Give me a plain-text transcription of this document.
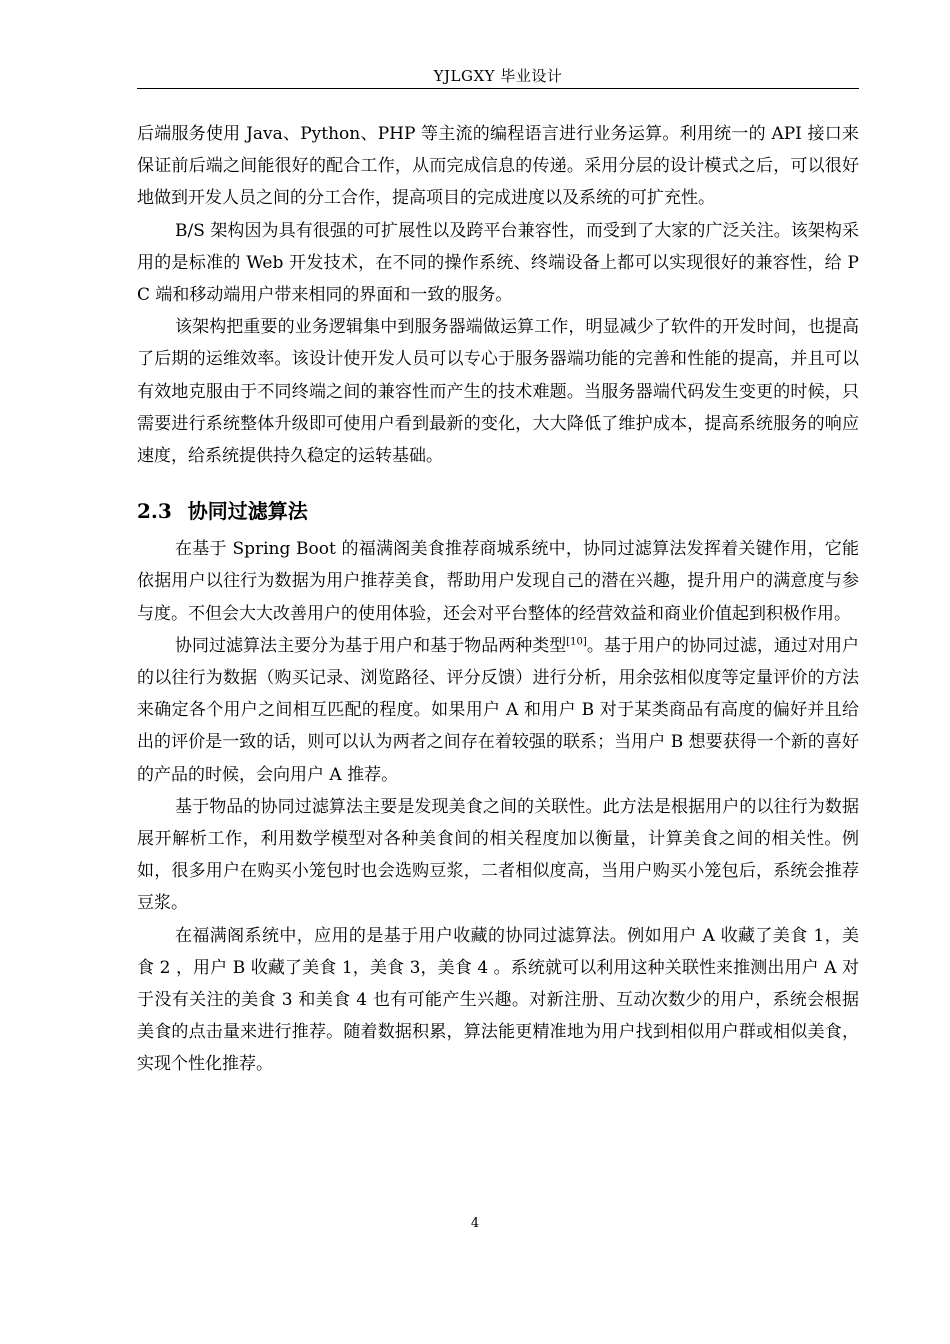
YJLGXY 毕业设计

后端服务使用 Java、Python、PHP 等主流的编程语言进行业务运算。利用统一的 API 接口来保证前后端之间能很好的配合工作，从而完成信息的传递。采用分层的设计模式之后，可以很好地做到开发人员之间的分工合作，提高项目的完成进度以及系统的可扩充性。

B/S 架构因为具有很强的可扩展性以及跨平台兼容性，而受到了大家的广泛关注。该架构采用的是标准的 Web 开发技术，在不同的操作系统、终端设备上都可以实现很好的兼容性，给 PC 端和移动端用户带来相同的界面和一致的服务。

该架构把重要的业务逻辑集中到服务器端做运算工作，明显减少了软件的开发时间，也提高了后期的运维效率。该设计使开发人员可以专心于服务器端功能的完善和性能的提高，并且可以有效地克服由于不同终端之间的兼容性而产生的技术难题。当服务器端代码发生变更的时候，只需要进行系统整体升级即可使用户看到最新的变化，大大降低了维护成本，提高系统服务的响应速度，给系统提供持久稳定的运转基础。

2.3 协同过滤算法

在基于 Spring Boot 的福满阁美食推荐商城系统中，协同过滤算法发挥着关键作用，它能依据用户以往行为数据为用户推荐美食，帮助用户发现自己的潜在兴趣，提升用户的满意度与参与度。不但会大大改善用户的使用体验，还会对平台整体的经营效益和商业价值起到积极作用。

协同过滤算法主要分为基于用户和基于物品两种类型[10]。基于用户的协同过滤，通过对用户的以往行为数据（购买记录、浏览路径、评分反馈）进行分析，用余弦相似度等定量评价的方法来确定各个用户之间相互匹配的程度。如果用户 A 和用户 B 对于某类商品有高度的偏好并且给出的评价是一致的话，则可以认为两者之间存在着较强的联系；当用户 B 想要获得一个新的喜好的产品的时候，会向用户 A 推荐。

基于物品的协同过滤算法主要是发现美食之间的关联性。此方法是根据用户的以往行为数据展开解析工作，利用数学模型对各种美食间的相关程度加以衡量，计算美食之间的相关性。例如，很多用户在购买小笼包时也会选购豆浆，二者相似度高，当用户购买小笼包后，系统会推荐豆浆。

在福满阁系统中，应用的是基于用户收藏的协同过滤算法。例如用户 A 收藏了美食 1，美食 2 ，用户 B 收藏了美食 1，美食 3，美食 4 。系统就可以利用这种关联性来推测出用户 A 对于没有关注的美食 3 和美食 4 也有可能产生兴趣。对新注册、互动次数少的用户，系统会根据美食的点击量来进行推荐。随着数据积累，算法能更精准地为用户找到相似用户群或相似美食，实现个性化推荐。

4
